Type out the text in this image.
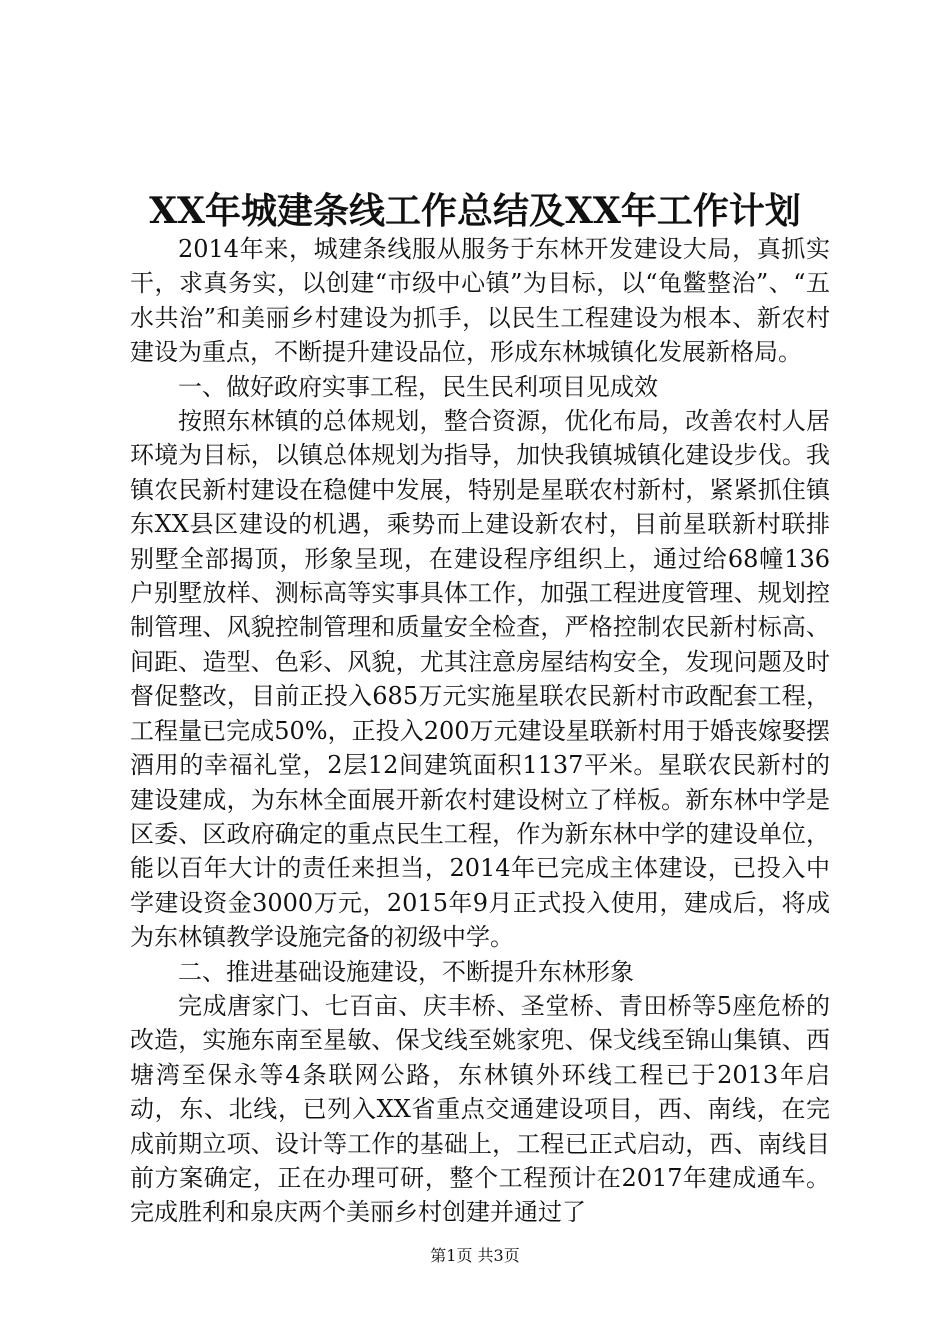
XX年城建条线工作总结及XX年工作计划

2014年来，城建条线服从服务于东林开发建设大局，真抓实干，求真务实，以创建“市级中心镇”为目标，以“龟鳖整治”、“五水共治”和美丽乡村建设为抓手，以民生工程建设为根本、新农村建设为重点，不断提升建设品位，形成东林城镇化发展新格局。

一、做好政府实事工程，民生民利项目见成效

按照东林镇的总体规划，整合资源，优化布局，改善农村人居环境为目标，以镇总体规划为指导，加快我镇城镇化建设步伐。我镇农民新村建设在稳健中发展，特别是星联农村新村，紧紧抓住镇东XX县区建设的机遇，乘势而上建设新农村，目前星联新村联排别墅全部揭顶，形象呈现，在建设程序组织上，通过给68幢136户别墅放样、测标高等实事具体工作，加强工程进度管理、规划控制管理、风貌控制管理和质量安全检查，严格控制农民新村标高、间距、造型、色彩、风貌，尤其注意房屋结构安全，发现问题及时督促整改，目前正投入685万元实施星联农民新村市政配套工程，工程量已完成50%，正投入200万元建设星联新村用于婚丧嫁娶摆酒用的幸福礼堂，2层12间建筑面积1137平米。星联农民新村的建设建成，为东林全面展开新农村建设树立了样板。新东林中学是区委、区政府确定的重点民生工程，作为新东林中学的建设单位，能以百年大计的责任来担当，2014年已完成主体建设，已投入中学建设资金3000万元，2015年9月正式投入使用，建成后，将成为东林镇教学设施完备的初级中学。

二、推进基础设施建设，不断提升东林形象

完成唐家门、七百亩、庆丰桥、圣堂桥、青田桥等5座危桥的改造，实施东南至星敏、保戈线至姚家兜、保戈线至锦山集镇、西塘湾至保永等4条联网公路，东林镇外环线工程已于2013年启动，东、北线，已列入XX省重点交通建设项目，西、南线，在完成前期立项、设计等工作的基础上，工程已正式启动，西、南线目前方案确定，正在办理可研，整个工程预计在2017年建成通车。完成胜利和泉庆两个美丽乡村创建并通过了

第1页 共3页
